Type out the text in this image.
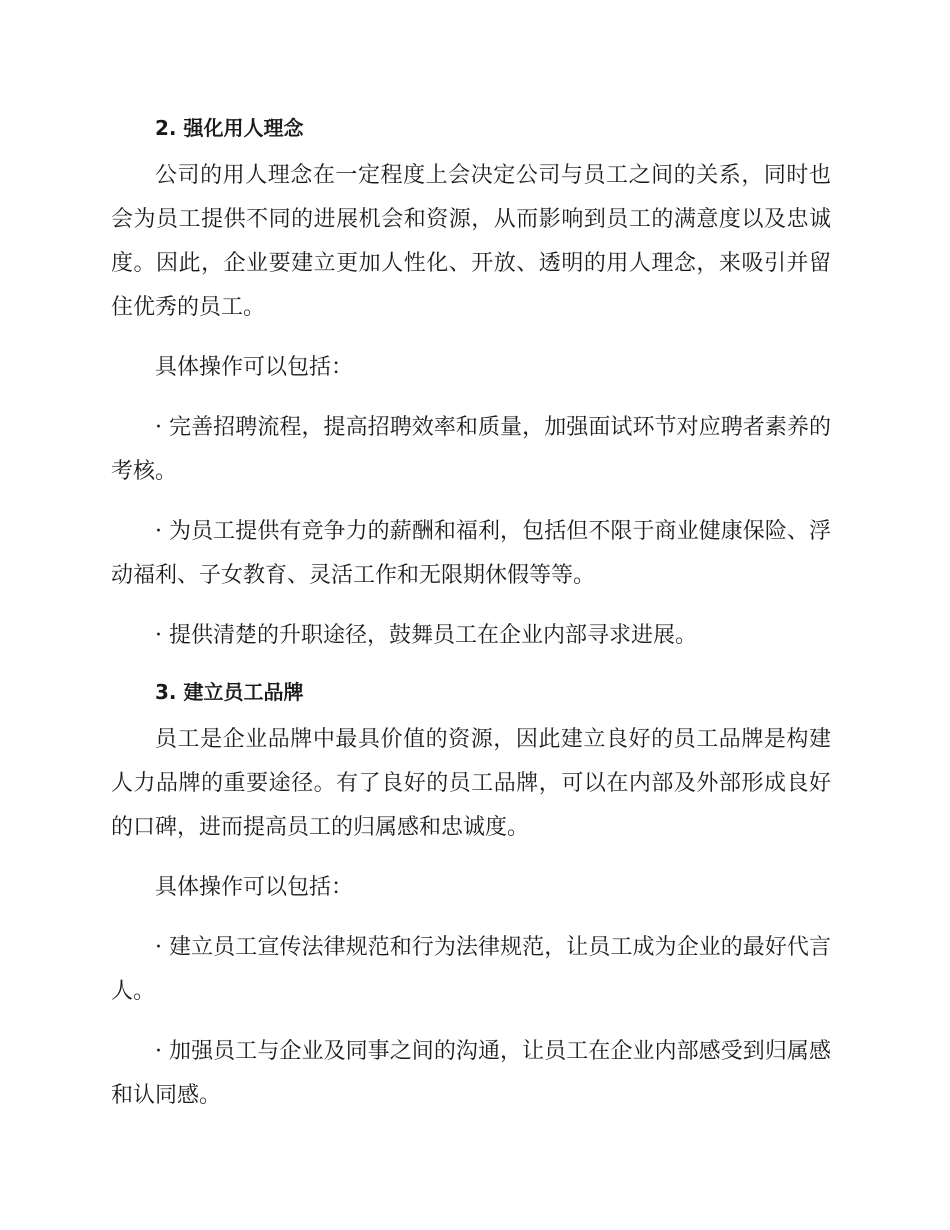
2. 强化用人理念

公司的用人理念在一定程度上会决定公司与员工之间的关系，同时也会为员工提供不同的进展机会和资源，从而影响到员工的满意度以及忠诚度。因此，企业要建立更加人性化、开放、透明的用人理念，来吸引并留住优秀的员工。

具体操作可以包括：

· 完善招聘流程，提高招聘效率和质量，加强面试环节对应聘者素养的考核。

· 为员工提供有竞争力的薪酬和福利，包括但不限于商业健康保险、浮动福利、子女教育、灵活工作和无限期休假等等。

· 提供清楚的升职途径，鼓舞员工在企业内部寻求进展。

3. 建立员工品牌

员工是企业品牌中最具价值的资源，因此建立良好的员工品牌是构建人力品牌的重要途径。有了良好的员工品牌，可以在内部及外部形成良好的口碑，进而提高员工的归属感和忠诚度。

具体操作可以包括：

· 建立员工宣传法律规范和行为法律规范，让员工成为企业的最好代言人。

· 加强员工与企业及同事之间的沟通，让员工在企业内部感受到归属感和认同感。
